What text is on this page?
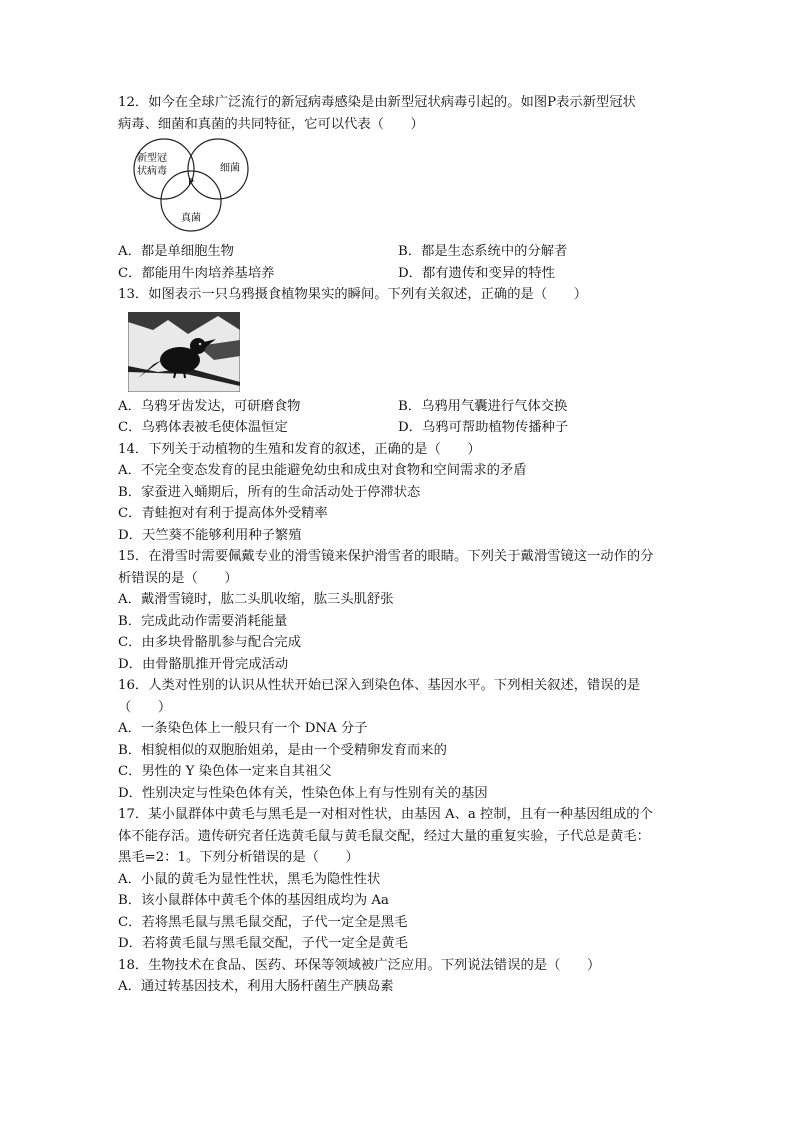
12．如今在全球广泛流行的新冠病毒感染是由新型冠状病毒引起的。如图P表示新型冠状
病毒、细菌和真菌的共同特征，它可以代表（　　）
新型冠
状病毒	细菌
真菌
P
A．都是单细胞生物	B．都是生态系统中的分解者
C．都能用牛肉培养基培养	D．都有遗传和变异的特性
13．如图表示一只乌鸦摄食植物果实的瞬间。下列有关叙述，正确的是（　　）
A．乌鸦牙齿发达，可研磨食物	B．乌鸦用气囊进行气体交换
C．乌鸦体表被毛使体温恒定	D．乌鸦可帮助植物传播种子
14．下列关于动植物的生殖和发育的叙述，正确的是（　　）
A．不完全变态发育的昆虫能避免幼虫和成虫对食物和空间需求的矛盾
B．家蚕进入蛹期后，所有的生命活动处于停滞状态
C．青蛙抱对有利于提高体外受精率
D．天竺葵不能够利用种子繁殖
15．在滑雪时需要佩戴专业的滑雪镜来保护滑雪者的眼睛。下列关于戴滑雪镜这一动作的分
析错误的是（　　）
A．戴滑雪镜时，肱二头肌收缩，肱三头肌舒张
B．完成此动作需要消耗能量
C．由多块骨骼肌参与配合完成
D．由骨骼肌推开骨完成活动
16．人类对性别的认识从性状开始已深入到染色体、基因水平。下列相关叙述，错误的是
（　　）
A．一条染色体上一般只有一个 DNA 分子
B．相貌相似的双胞胎姐弟，是由一个受精卵发育而来的
C．男性的 Y 染色体一定来自其祖父
D．性别决定与性染色体有关，性染色体上有与性别有关的基因
17．某小鼠群体中黄毛与黑毛是一对相对性状，由基因 A、a 控制，且有一种基因组成的个
体不能存活。遗传研究者任选黄毛鼠与黄毛鼠交配，经过大量的重复实验，子代总是黄毛：
黑毛=2：1。下列分析错误的是（　　）
A．小鼠的黄毛为显性性状，黑毛为隐性性状
B．该小鼠群体中黄毛个体的基因组成均为 Aa
C．若将黑毛鼠与黑毛鼠交配，子代一定全是黑毛
D．若将黄毛鼠与黑毛鼠交配，子代一定全是黄毛
18．生物技术在食品、医药、环保等领域被广泛应用。下列说法错误的是（　　）
A．通过转基因技术，利用大肠杆菌生产胰岛素
